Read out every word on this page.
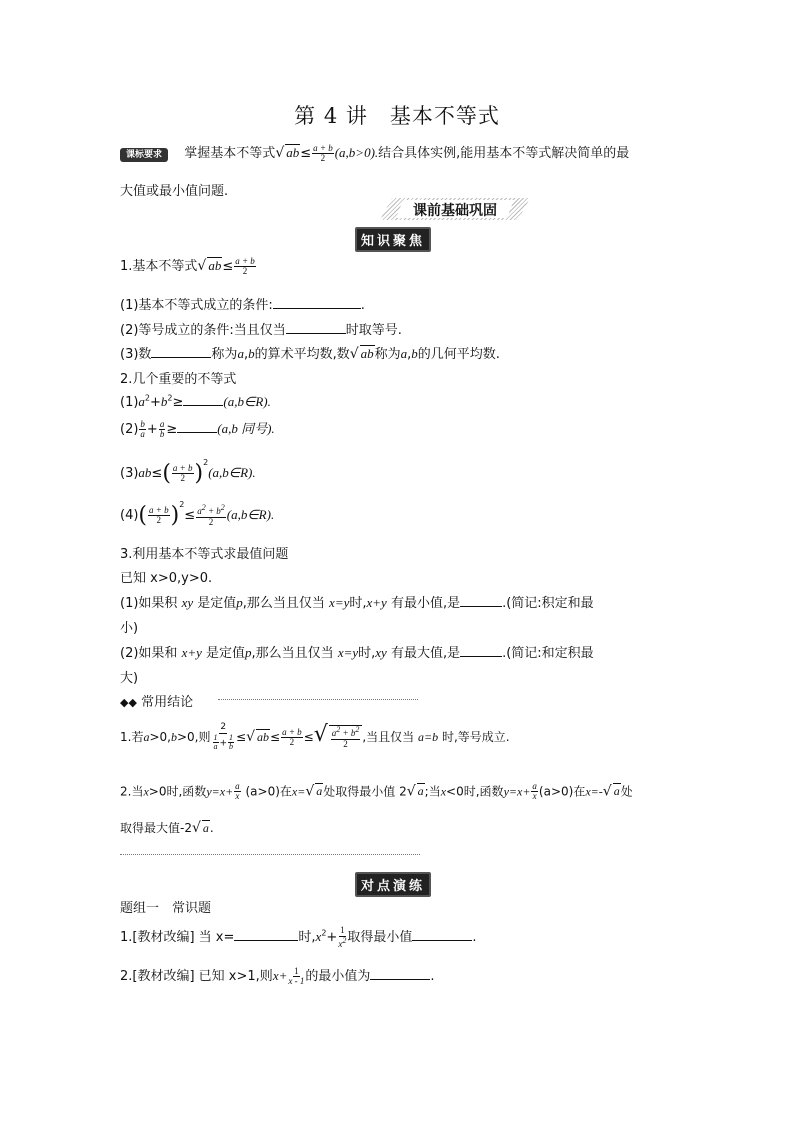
第 4 讲 基本不等式
课标要求 掌握基本不等式√ $ab\le \frac{a + b}{2} (a,b>0)$.结合具体实例,能用基本不等式解决简单的最
大值或最小值问题.
课前基础巩固
知识聚焦
1.基本不等式√ $ab\le \frac{a + b}{2}$
(1)基本不等式成立的条件:	.
(2)等号成立的条件:当且仅当	时取等号.
(3)数	称为a,b的算术平均数,数√ ab称为a,b的几何平均数.
2.几个重要的不等式
$(1)a^2+b^2\ge$	(a,b∈R).
$(2) \frac{b}{a} + \frac{a}{b}$ ≥	(a,b 同号).
$(3)ab\le( \frac{a + b}{2}$ )$^2(a,b\in R)$.
$(4)( \frac{a + b}{2} )^2\le \frac{a2 + b2}{2}$ (a,b∈R).
3.利用基本不等式求最值问题
已知 x>0,y>0.
(1)如果积 xy 是定值p,那么当且仅当 x=y时,x+y 有最小值,是	.(简记:积定和最
小)
(2)如果和 x+y 是定值p,那么当且仅当 x=y时,xy 有最大值,是	.(简记:和定积最
大)
◆◆ 常用结论
1.若a>0,b>0,则 $\frac{2}{\frac{1}{a} + \frac{1}{b}}$ ≤√ $ab\le \frac{a + b}{2}$ ≤√ $\frac{a2 + b2}{2}$ ,当且仅当 a=b 时,等号成立.
2.当x>0时,函数$y=x+ \frac{a}{x} (a>0)$在x=√ a处取得最小值 2√ a;当x<0时,函数$y=x+ \frac{a}{x} (a>0)$在x=-√ a处
取得最大值-2√ a.
对点演练
题组一　常识题
1.[教材改编] 当 x=	时$,x^2+ \frac{1}{x2}$ 取得最小值	.
2.[教材改编] 已知 x>1,则$x+ \frac{1}{x - 1}$ 的最小值为	.
